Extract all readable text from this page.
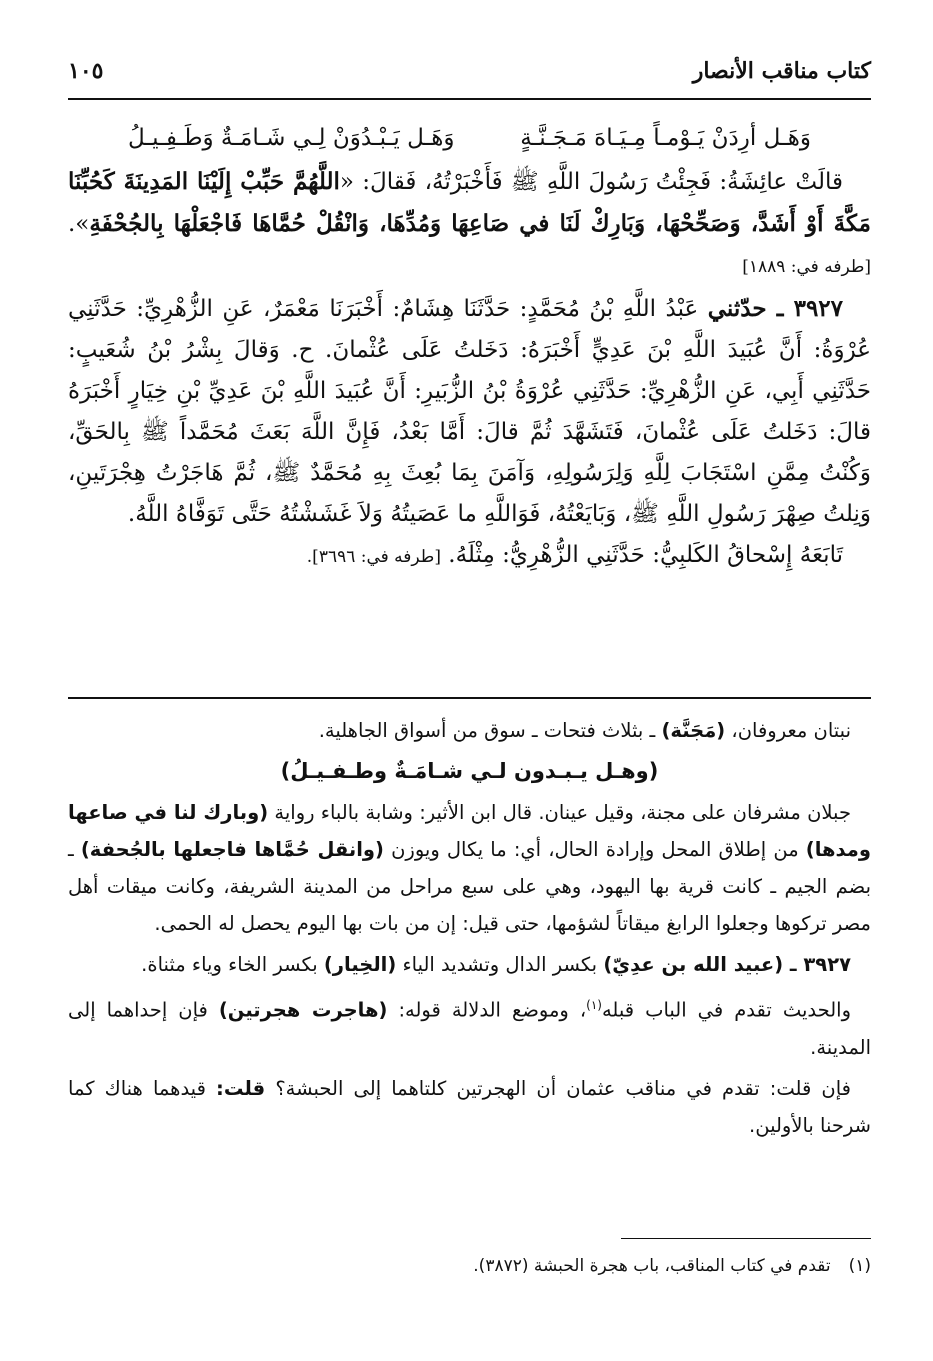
كتاب مناقب الأنصار
١٠٥
وَهَـل أرِدَنْ يَـوْمـاً مِـيَـاهَ مَـجَـنَّـةٍ
وَهَـل يَـبْـدُوَنْ لِـي شَـامَـةٌ وَطَـفِـيـلُ

قالَتْ عائِشَةُ: فَجِئْتُ رَسُولَ اللَّهِ ﷺ فَأَخْبَرْتُهُ، فَقالَ: «اللَّهُمَّ حَبِّبْ إِلَيْنَا المَدِينَةَ كَحُبِّنَا مَكَّةَ أَوْ أَشَدَّ، وَصَحِّحْهَا، وَبَارِكْ لَنَا في صَاعِهَا وَمُدِّهَا، وَانْقُلْ حُمَّاهَا فَاجْعَلْهَا بِالجُحْفَةِ». [طرفه في: ١٨٨٩]

٣٩٢٧ ـ حدّثني عَبْدُ اللَّهِ بْنُ مُحَمَّدٍ: حَدَّثَنَا هِشَامٌ: أَخْبَرَنَا مَعْمَرٌ، عَنِ الزُّهْرِيِّ: حَدَّثَنِي عُرْوَةُ: أَنَّ عُبَيدَ اللَّهِ بْنَ عَدِيٍّ أَخْبَرَهُ: دَخَلتُ عَلَى عُثْمانَ. ح. وَقالَ بِشْرُ بْنُ شُعَيبٍ: حَدَّثَنِي أَبِي، عَنِ الزُّهْرِيِّ: حَدَّثَنِي عُرْوَةُ بْنُ الزُّبَيرِ: أَنَّ عُبَيدَ اللَّهِ بْنَ عَدِيِّ بْنِ خِيَارٍ أَخْبَرَهُ قالَ: دَخَلتُ عَلَى عُثْمانَ، فَتَشَهَّدَ ثُمَّ قالَ: أَمَّا بَعْدُ، فَإِنَّ اللَّهَ بَعَثَ مُحَمَّداً ﷺ بِالحَقِّ، وَكُنْتُ مِمَّنِ اسْتَجَابَ لِلَّهِ وَلِرَسُولِهِ، وَآمَنَ بِمَا بُعِثَ بِهِ مُحَمَّدٌ ﷺ، ثُمَّ هَاجَرْتُ هِجْرَتَينِ، وَنِلتُ صِهْرَ رَسُولِ اللَّهِ ﷺ، وَبَايَعْتُهُ، فَوَاللَّهِ ما عَصَيتُهُ وَلاَ غَشَشْتُهُ حَتَّى تَوَفَّاهُ اللَّهُ.

تَابَعَهُ إِسْحاقُ الكَلبِيُّ: حَدَّثَنِي الزُّهْرِيُّ: مِثْلَهُ. [طرفه في: ٣٦٩٦].

نبتان معروفان، (مَجَنَّة) ـ بثلاث فتحات ـ سوق من أسواق الجاهلية.

(وهـل يـبـدون لـي شـامَـةٌ وطـفـيـلُ)

جبلان مشرفان على مجنة، وقيل عينان. قال ابن الأثير: وشابة بالباء رواية (وبارك لنا في صاعها ومدها) من إطلاق المحل وإرادة الحال، أي: ما يكال ويوزن (وانقل حُمَّاها فاجعلها بالجُحفة) ـ بضم الجيم ـ كانت قرية بها اليهود، وهي على سبع مراحل من المدينة الشريفة، وكانت ميقات أهل مصر تركوها وجعلوا الرابغ ميقاتاً لشؤمها، حتى قيل: إن من بات بها اليوم يحصل له الحمى.

٣٩٢٧ ـ (عبيد الله بن عدِيّ) بكسر الدال وتشديد الياء (الخِيار) بكسر الخاء وياء مثناة.

والحديث تقدم في الباب قبله$^{(١)}$، وموضع الدلالة قوله: (هاجرت هجرتين) فإن إحداهما إلى المدينة.

فإن قلت: تقدم في مناقب عثمان أن الهجرتين كلتاهما إلى الحبشة؟ قلت: قيدهما هناك كما شرحنا بالأولين.

(١)تقدم في كتاب المناقب، باب هجرة الحبشة (٣٨٧٢).
